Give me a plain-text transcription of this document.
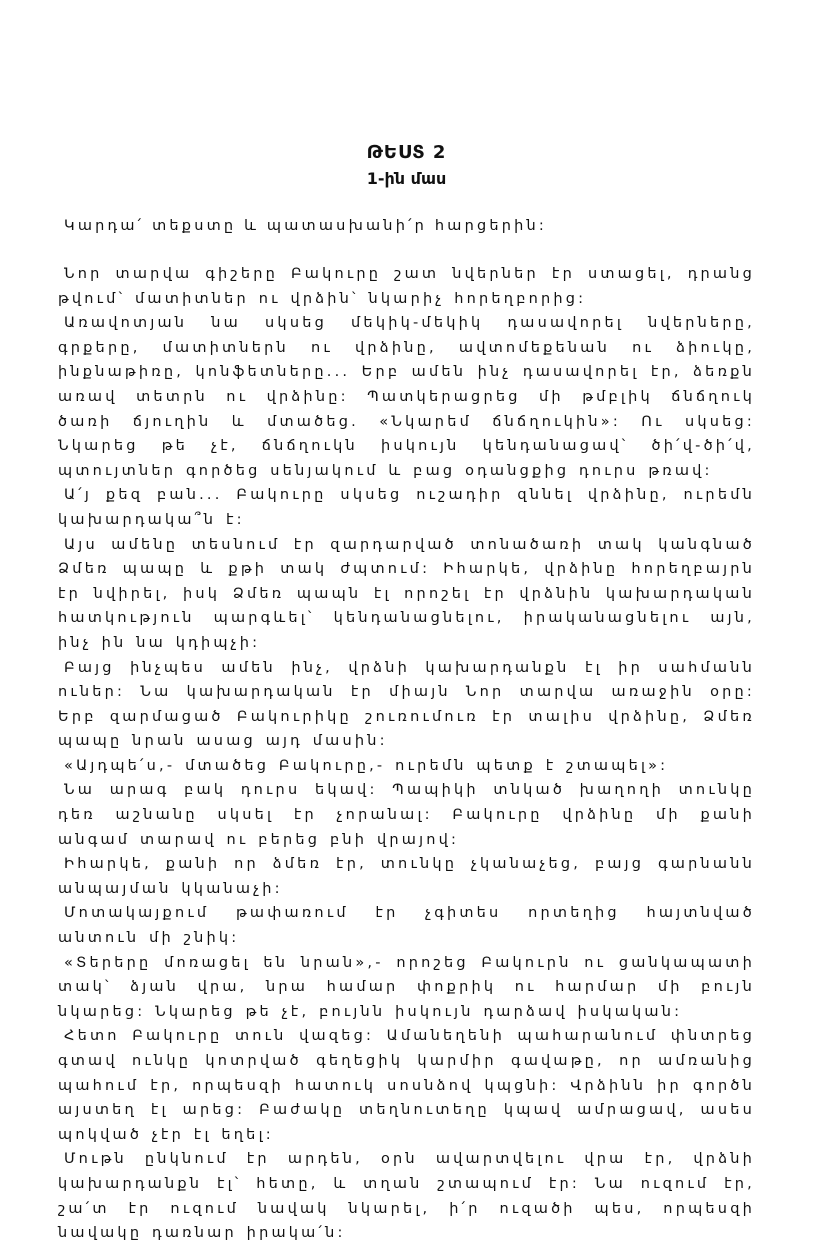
ԹԵՍՏ 2
1-ին մաս

Կարդա՛ տեքստը և պատասխանի՛ր հարցերին:

Նոր տարվա գիշերը Բակուրը շատ նվերներ էր ստացել, դրանց թվում՝ մատիտներ ու վրձին՝ նկարիչ հորեղբորից:

Առավոտյան նա սկսեց մեկիկ-մեկիկ դասավորել նվերները, գրքերը, մատիտներն ու վրձինը, ավտոմեքենան ու ձիուկը, ինքնաթիռը, կոնֆետները... Երբ ամեն ինչ դասավորել էր, ձեռքն առավ տետրն ու վրձինը: Պատկերացրեց մի թմբլիկ ճնճղուկ ծառի ճյուղին և մտածեց. «Նկարեմ ճնճղուկին»: Ու սկսեց: Նկարեց թե չէ, ճնճղուկն իսկույն կենդանացավ՝ ծի՛վ-ծի՛վ, պտույտներ գործեց սենյակում և բաց օդանցքից դուրս թռավ:

Ա՛յ քեզ բան... Բակուրը սկսեց ուշադիր զննել վրձինը, ուրեմն կախարդակա՞ն է:

Այս ամենը տեսնում էր զարդարված տոնածառի տակ կանգնած Ձմեռ պապը և քթի տակ ժպտում: Իհարկե, վրձինը հորեղբայրն էր նվիրել, իսկ Ձմեռ պապն էլ որոշել էր վրձնին կախարդական հատկություն պարգևել՝ կենդանացնելու, իրականացնելու այն, ինչ ին նա կդիպչի:

Բայց ինչպես ամեն ինչ, վրձնի կախարդանքն էլ իր սահմանն ուներ: Նա կախարդական էր միայն Նոր տարվա առաջին օրը: Երբ զարմացած Բակուրիկը շուռումուռ էր տալիս վրձինը, Ձմեռ պապը նրան ասաց այդ մասին:

«Այդպե՛ս,- մտածեց Բակուրը,- ուրեմն պետք է շտապել»:

Նա արագ բակ դուրս եկավ: Պապիկի տնկած խաղողի տունկը դեռ աշնանը սկսել էր չորանալ: Բակուրը վրձինը մի քանի անգամ տարավ ու բերեց բնի վրայով:

Իհարկե, քանի որ ձմեռ էր, տունկը չկանաչեց, բայց գարնանն անպայման կկանաչի:

Մոտակայքում թափառում էր չգիտես որտեղից հայտնված անտուն մի շնիկ:

«Տերերը մոռացել են նրան»,- որոշեց Բակուրն ու ցանկապատի տակ՝ ձյան վրա, նրա համար փոքրիկ ու հարմար մի բույն նկարեց: Նկարեց թե չէ, բույնն իսկույն դարձավ իսկական:

Հետո Բակուրը տուն վազեց: Ամանեղենի պահարանում փնտրեց գտավ ունկը կոտրված գեղեցիկ կարմիր գավաթը, որ ամռանից պահում էր, որպեսզի հատուկ սոսնձով կպցնի: Վրձինն իր գործն այստեղ էլ արեց: Բաժակը տեղնուտեղը կպավ ամրացավ, ասես պոկված չէր էլ եղել:

Մութն ընկնում էր արդեն, օրն ավարտվելու վրա էր, վրձնի կախարդանքն էլ՝ հետը, և տղան շտապում էր: Նա ուզում էր, շա՛տ էր ուզում նավակ նկարել, ի՛ր ուզածի պես, որպեսզի նավակը դառնար իրակա՛ն:
